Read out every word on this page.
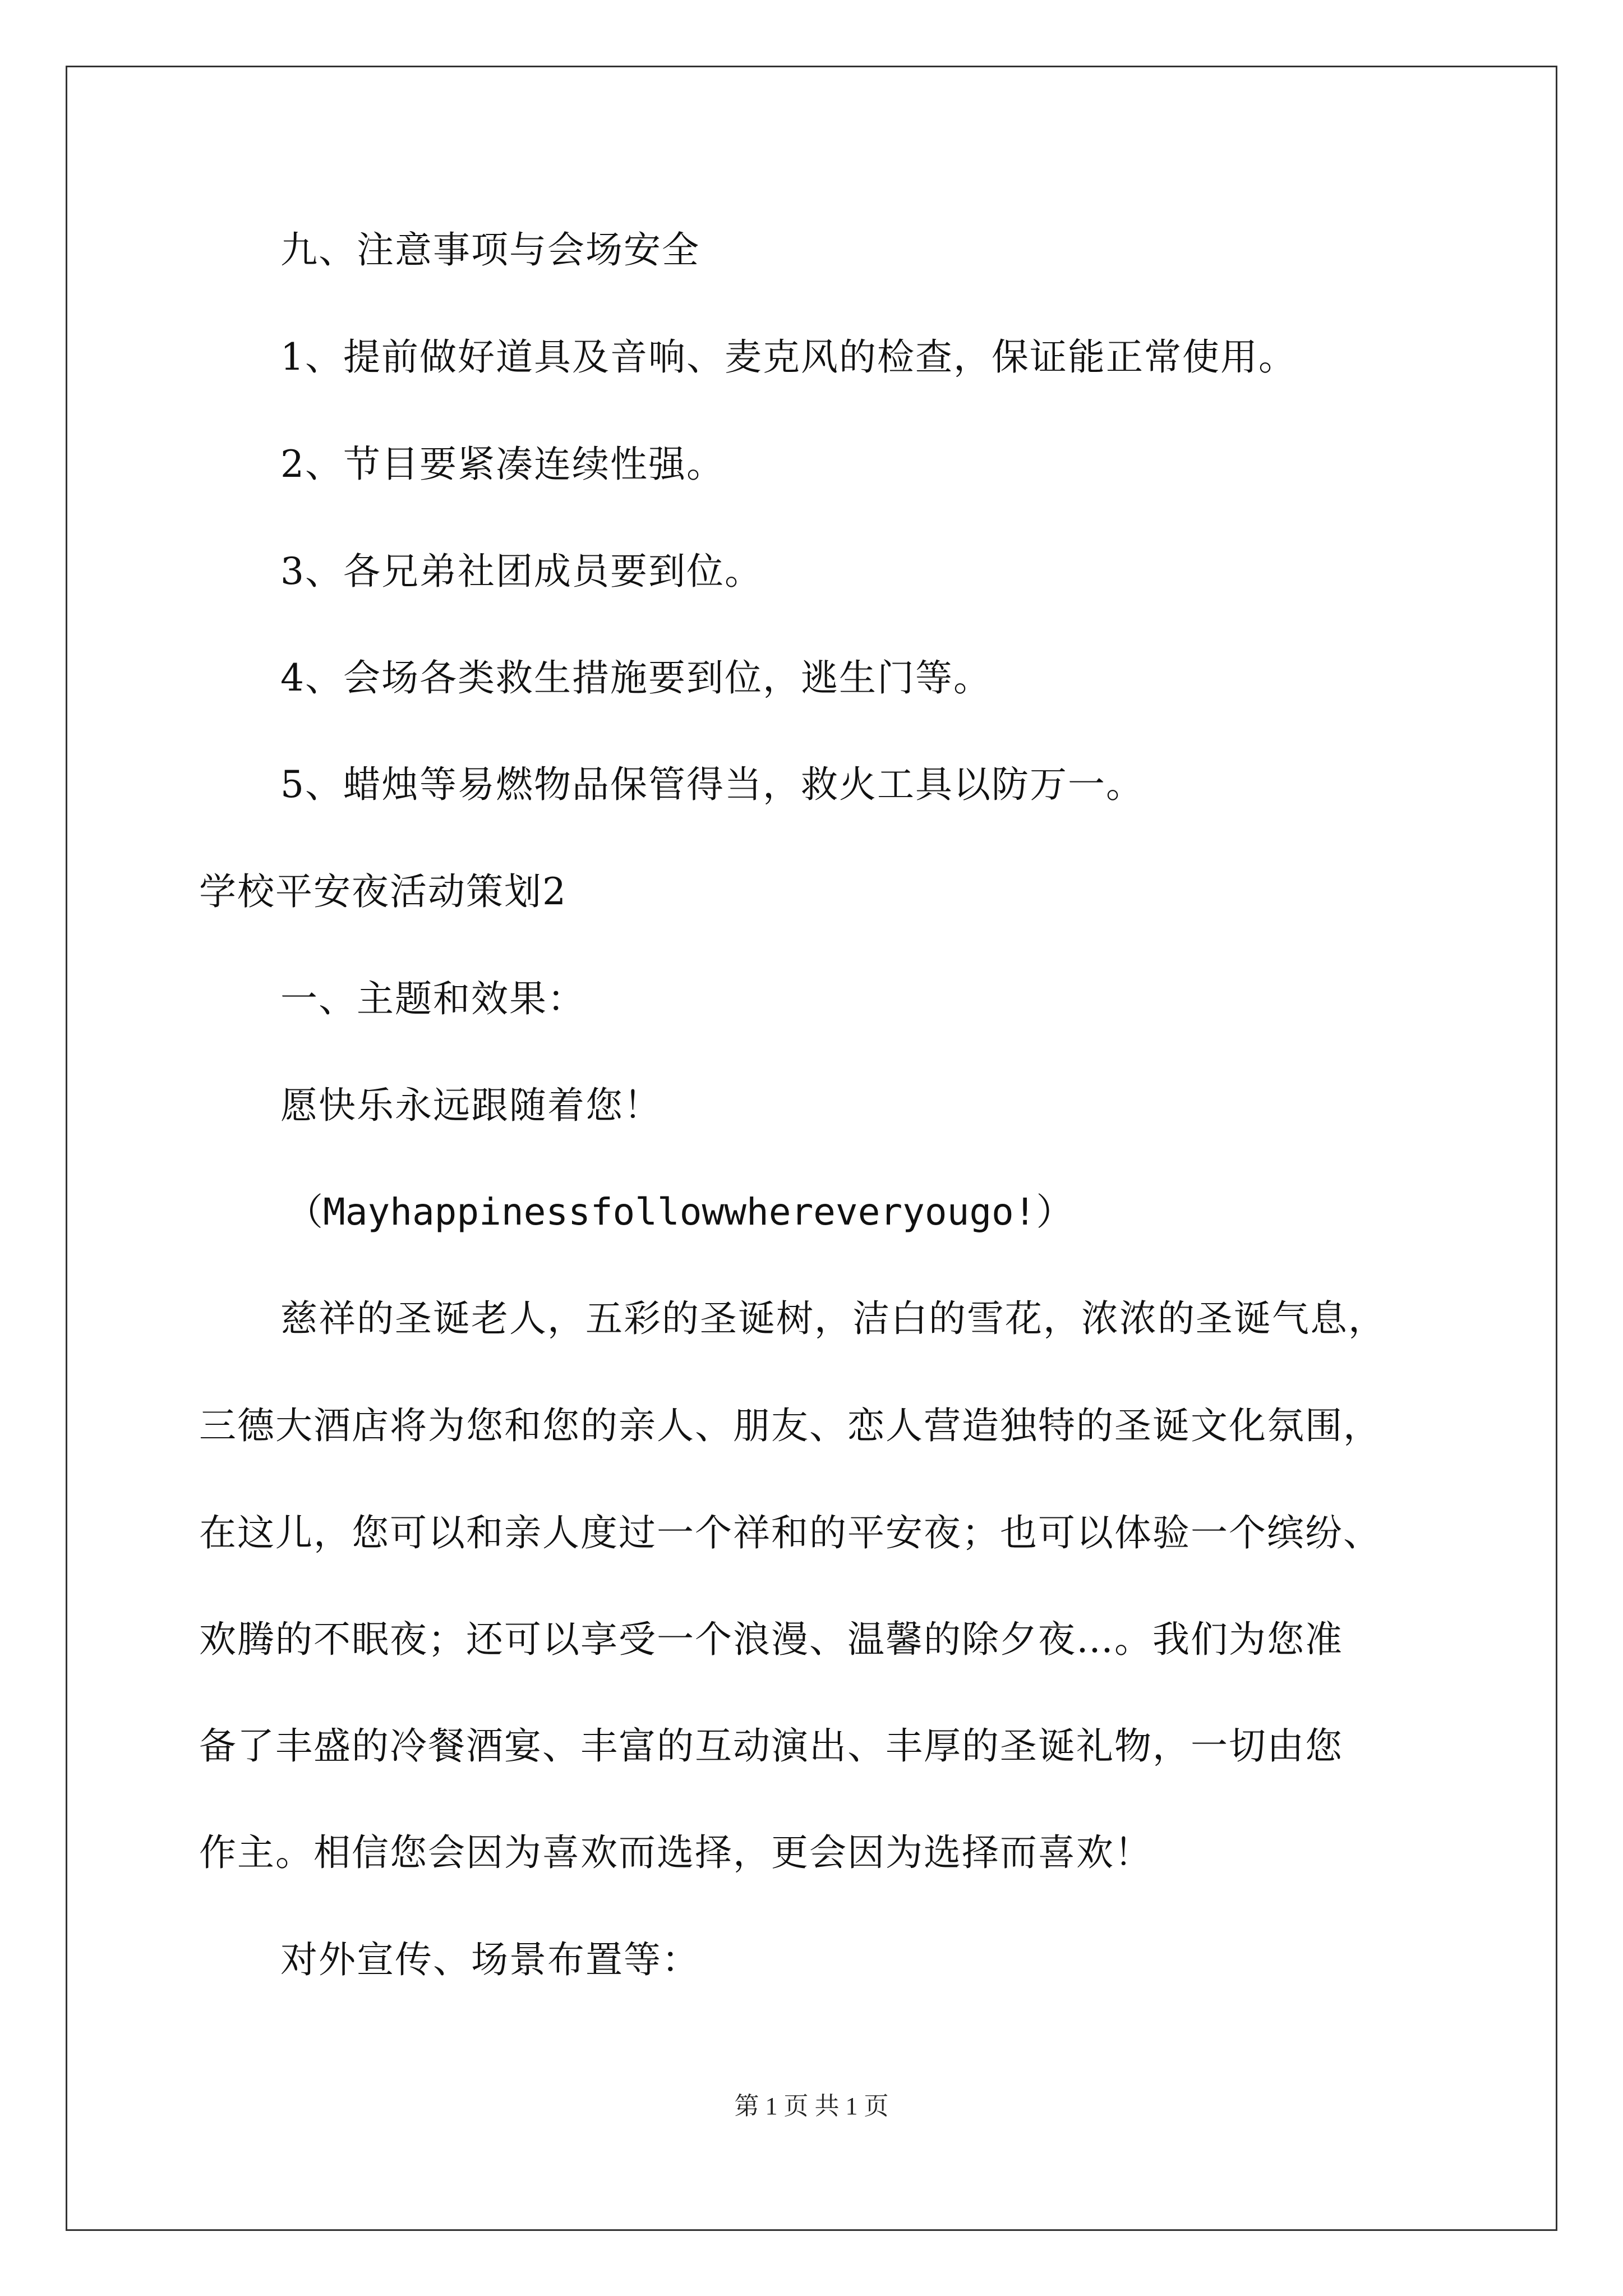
九、注意事项与会场安全

1、提前做好道具及音响、麦克风的检查，保证能正常使用。

2、节目要紧凑连续性强。

3、各兄弟社团成员要到位。

4、会场各类救生措施要到位，逃生门等。

5、蜡烛等易燃物品保管得当，救火工具以防万一。

学校平安夜活动策划2

一、主题和效果：

愿快乐永远跟随着您！

（Mayhappinessfollowwhereveryougo!）

慈祥的圣诞老人，五彩的圣诞树，洁白的雪花，浓浓的圣诞气息，

三德大酒店将为您和您的亲人、朋友、恋人营造独特的圣诞文化氛围，

在这儿，您可以和亲人度过一个祥和的平安夜；也可以体验一个缤纷、

欢腾的不眠夜；还可以享受一个浪漫、温馨的除夕夜…。我们为您准

备了丰盛的冷餐酒宴、丰富的互动演出、丰厚的圣诞礼物，一切由您

作主。相信您会因为喜欢而选择，更会因为选择而喜欢！

对外宣传、场景布置等：

第 1 页 共 1 页
